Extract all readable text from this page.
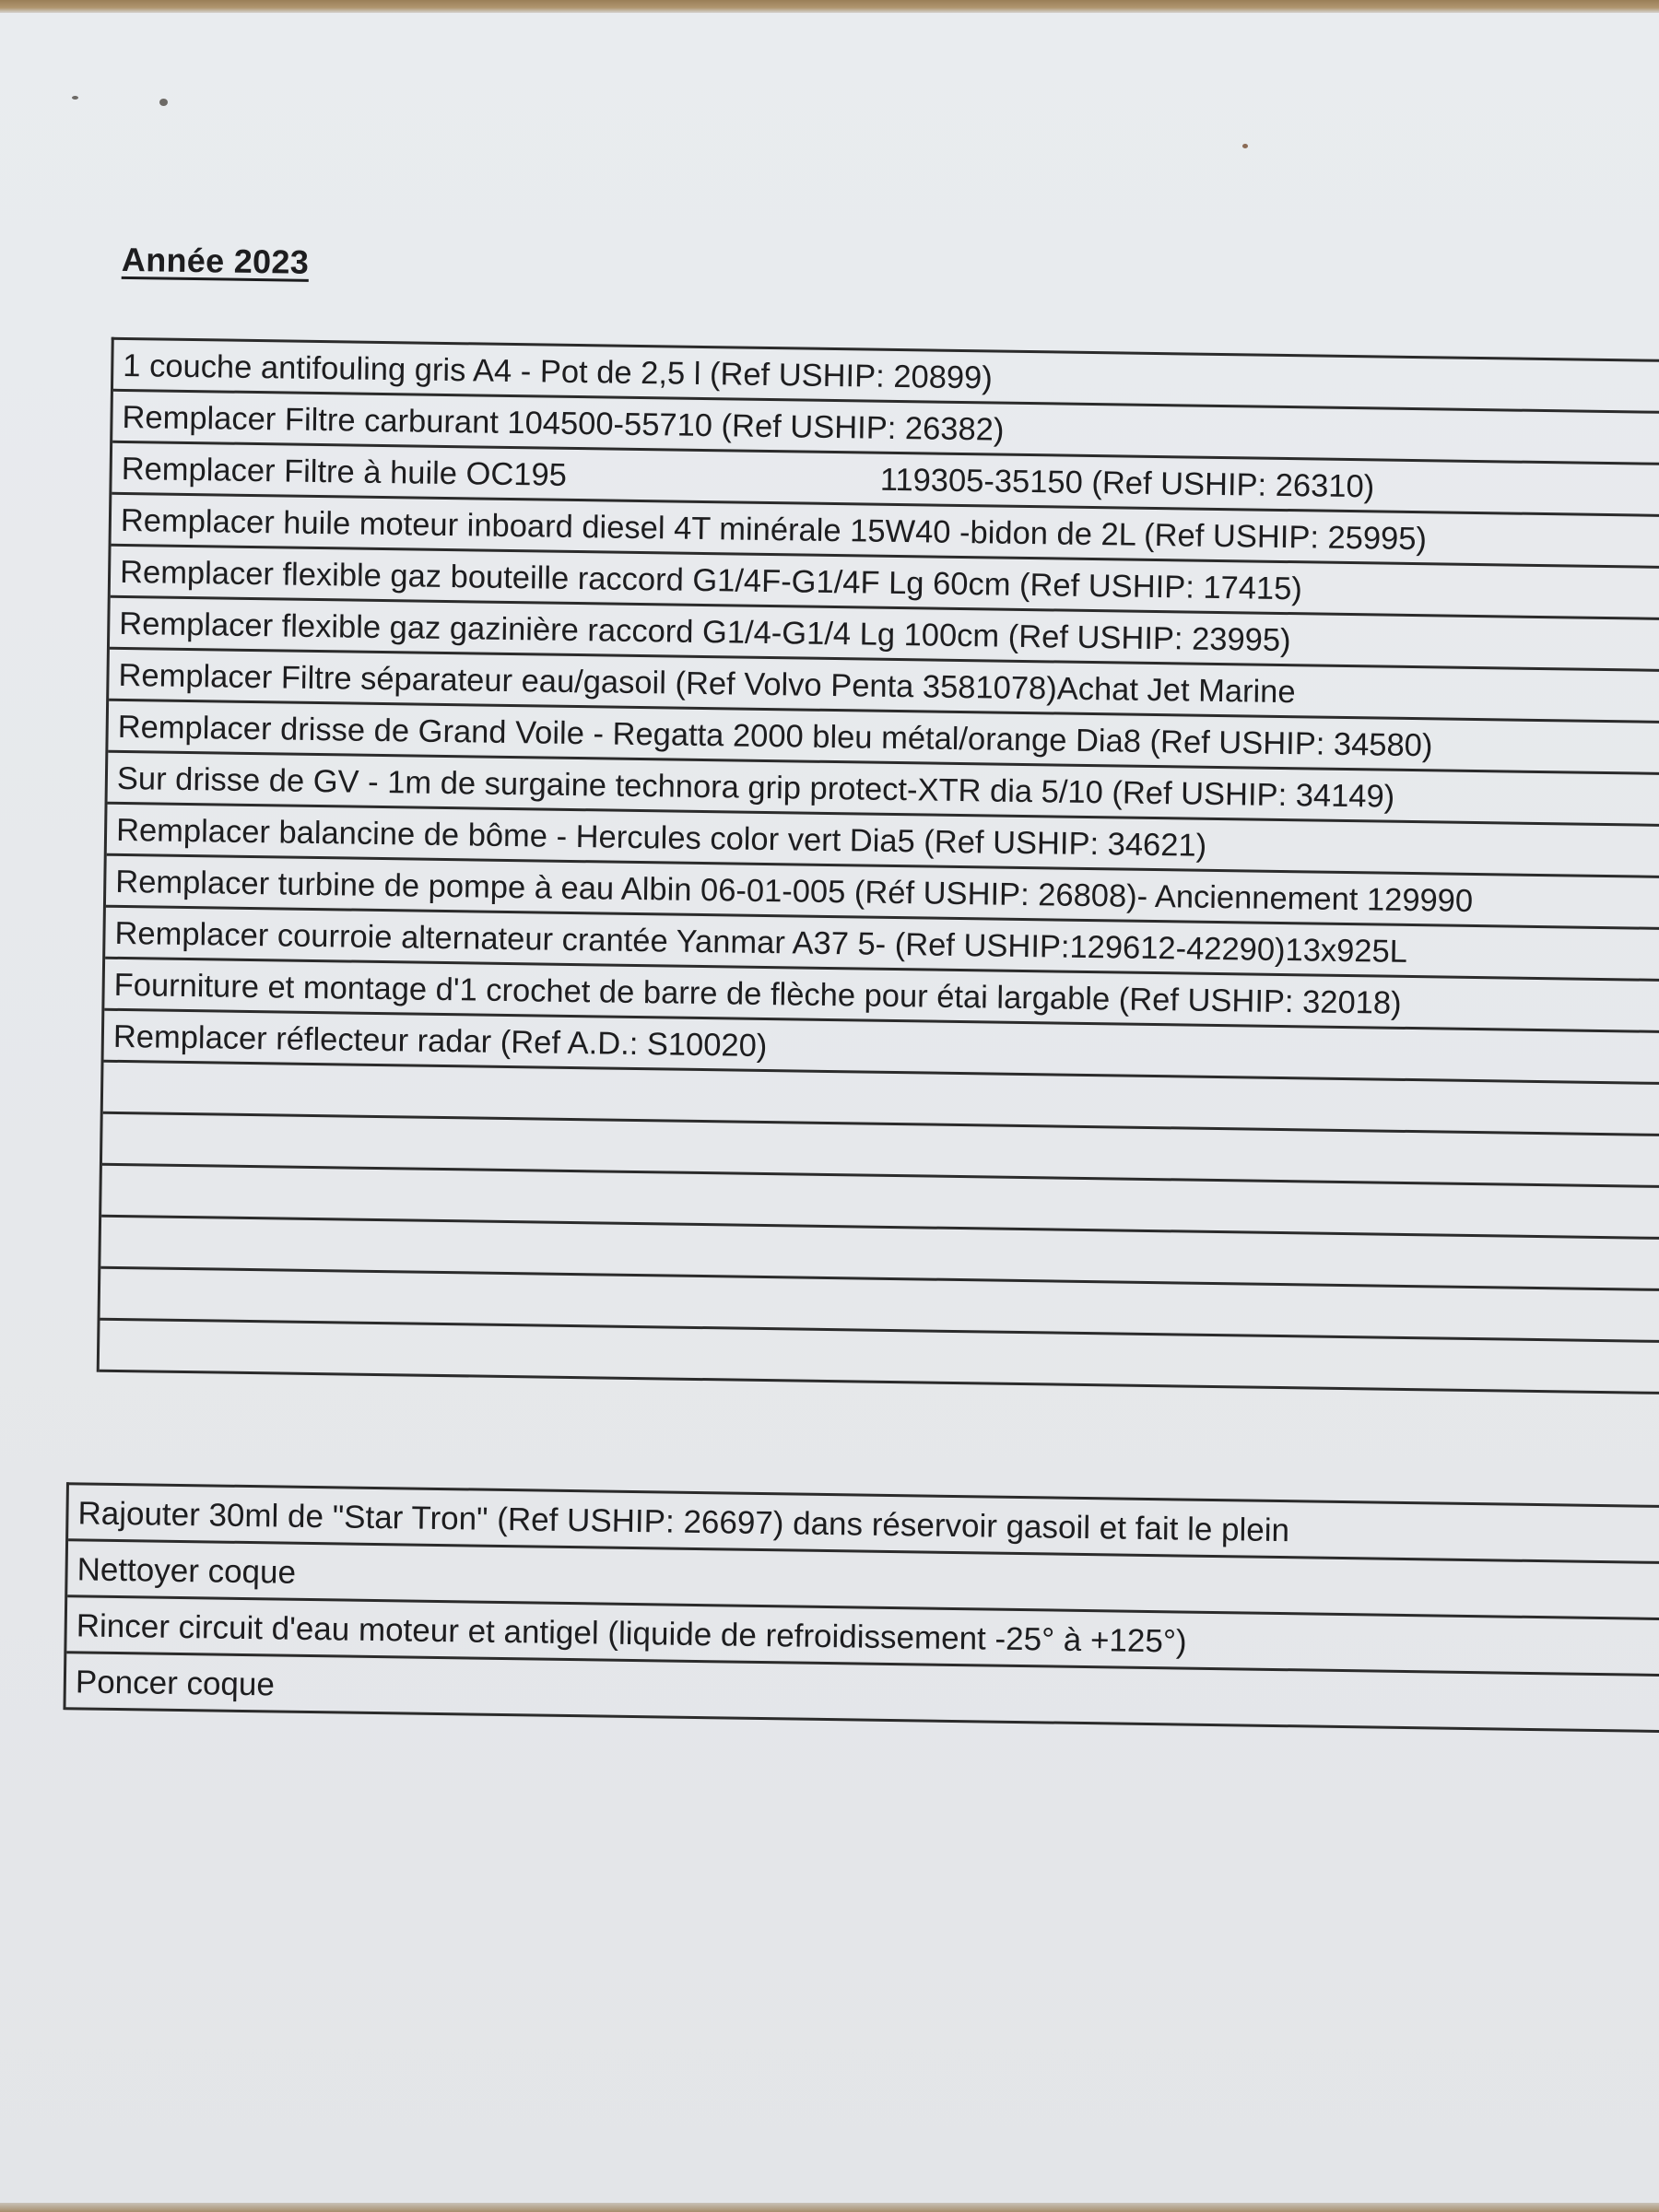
Année 2023
1 couche antifouling gris A4 - Pot de 2,5 l (Ref USHIP: 20899)
Remplacer Filtre carburant 104500-55710 (Ref USHIP: 26382)
Remplacer Filtre à huile OC195	119305-35150 (Ref USHIP: 26310)
Remplacer huile moteur inboard diesel 4T minérale 15W40 -bidon de 2L (Ref USHIP: 25995)
Remplacer flexible gaz bouteille raccord G1/4F-G1/4F Lg 60cm (Ref USHIP: 17415)
Remplacer flexible gaz gazinière raccord G1/4-G1/4 Lg 100cm (Ref USHIP: 23995)
Remplacer Filtre séparateur eau/gasoil (Ref Volvo Penta 3581078)Achat Jet Marine
Remplacer drisse de Grand Voile - Regatta 2000 bleu métal/orange Dia8 (Ref USHIP: 34580)
Sur drisse de GV - 1m de surgaine technora grip protect-XTR dia 5/10 (Ref USHIP: 34149)
Remplacer balancine de bôme - Hercules color vert Dia5 (Ref USHIP: 34621)
Remplacer turbine de pompe à eau Albin 06-01-005 (Réf USHIP: 26808)- Anciennement 129990
Remplacer courroie alternateur crantée Yanmar A37 5- (Ref USHIP:129612-42290)13x925L
Fourniture et montage d'1 crochet de barre de flèche pour étai largable (Ref USHIP: 32018)
Remplacer réflecteur radar (Ref A.D.: S10020)
Rajouter 30ml de "Star Tron" (Ref USHIP: 26697) dans réservoir gasoil et fait le plein
Nettoyer coque
Rincer circuit d'eau moteur et antigel (liquide de refroidissement -25° à +125°)
Poncer coque
